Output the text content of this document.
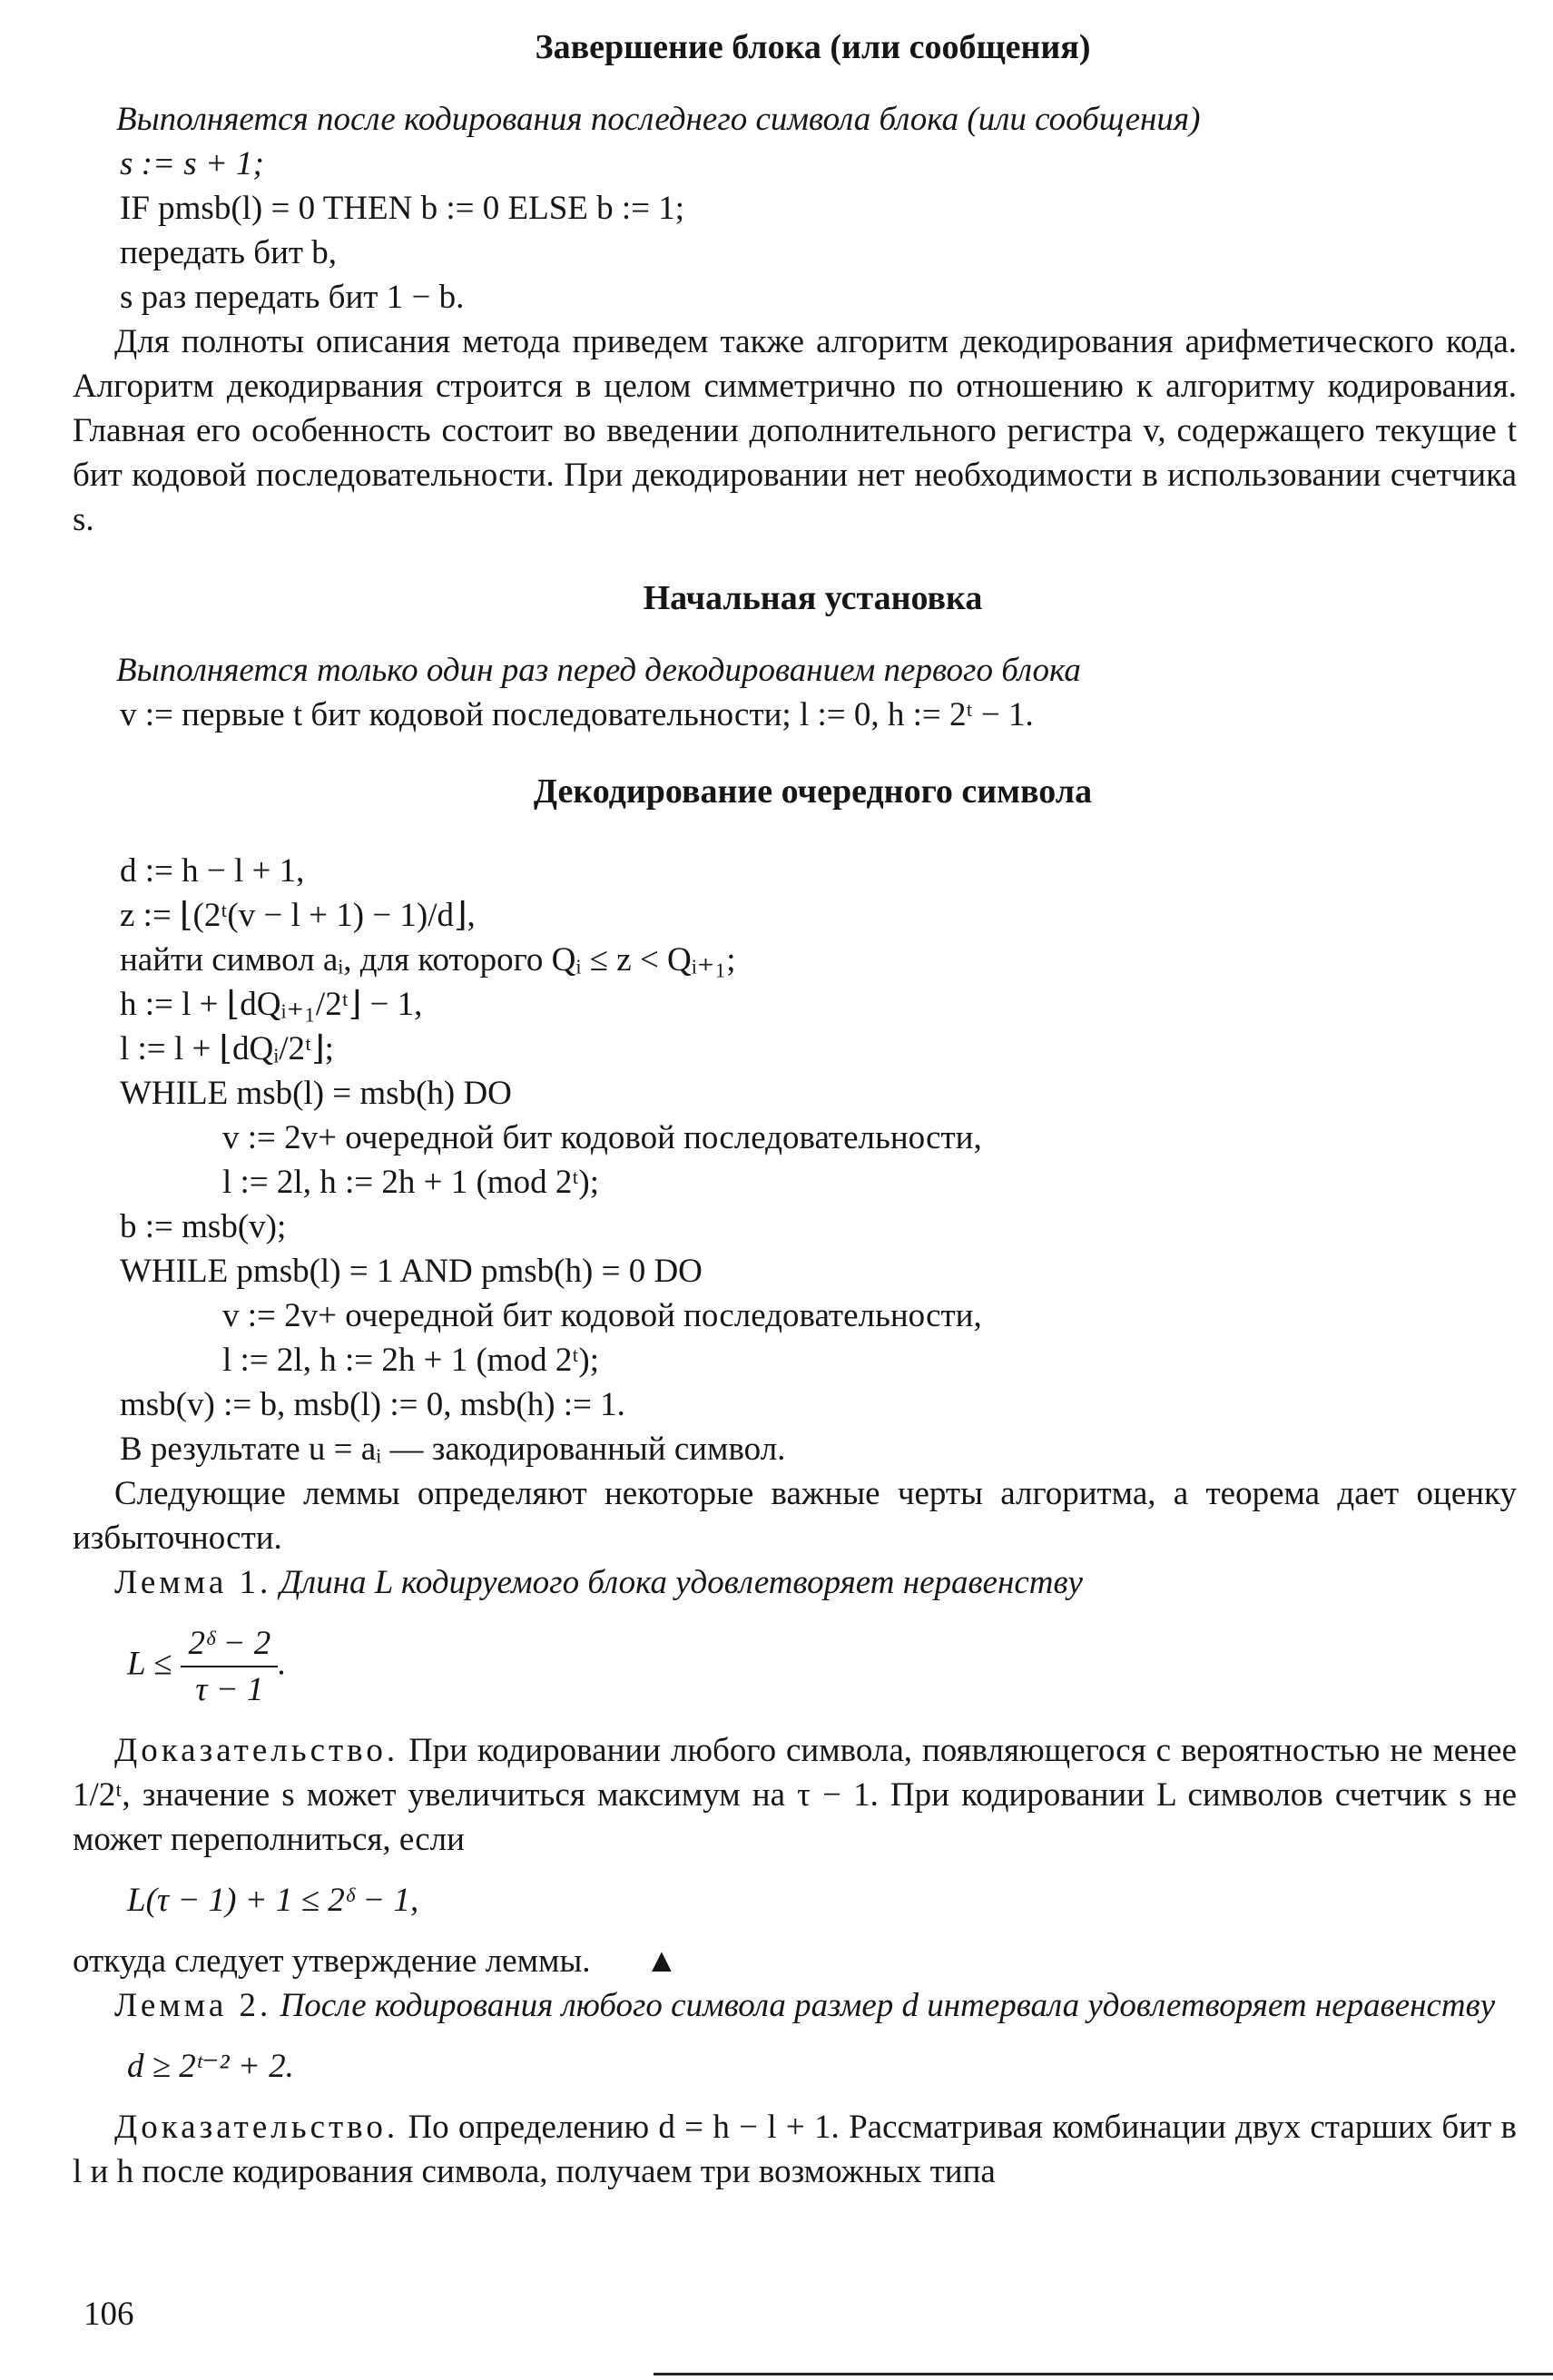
Завершение блока (или сообщения)

Выполняется после кодирования последнего символа блока (или сообщения)

s := s + 1;

IF pmsb(l) = 0 THEN b := 0 ELSE b := 1;

передать бит b,

s раз передать бит 1 − b.

Для полноты описания метода приведем также алгоритм декодирования арифметического кода. Алгоритм декодирвания строится в целом симметрично по отношению к алгоритму кодирования. Главная его особенность состоит во введении дополнительного регистра v, содержащего текущие t бит кодовой последовательности. При декодировании нет необходимости в использовании счетчика s.

Начальная установка

Выполняется только один раз перед декодированием первого блока

v := первые t бит кодовой последовательности; l := 0, h := 2ᵗ − 1.

Декодирование очередного символа

d := h − l + 1,

z := ⌊(2ᵗ(v − l + 1) − 1)/d⌋,

найти символ aᵢ, для которого Qᵢ ≤ z < Qᵢ₊₁;

h := l + ⌊dQᵢ₊₁/2ᵗ⌋ − 1,

l := l + ⌊dQᵢ/2ᵗ⌋;

WHILE msb(l) = msb(h) DO

v := 2v+ очередной бит кодовой последовательности,

l := 2l, h := 2h + 1 (mod 2ᵗ);

b := msb(v);

WHILE pmsb(l) = 1 AND pmsb(h) = 0 DO

v := 2v+ очередной бит кодовой последовательности,

l := 2l, h := 2h + 1 (mod 2ᵗ);

msb(v) := b, msb(l) := 0, msb(h) := 1.

В результате u = aᵢ — закодированный символ.

Следующие леммы определяют некоторые важные черты алгоритма, а теорема дает оценку избыточности.

Лемма 1. Длина L кодируемого блока удовлетворяет неравенству

$L \le \frac{\text{2ᵟ − 2}}{\tau - 1}$ .

Доказательство. При кодировании любого символа, появляющегося с вероятностью не менее 1/2ᵗ, значение s может увеличиться максимум на τ − 1. При кодировании L символов счетчик s не может переполниться, если

L(τ − 1) + 1 ≤ 2ᵟ − 1,

откуда следует утверждение леммы. ▲

Лемма 2. После кодирования любого символа размер d интервала удовлетворяет неравенству

d ≥ 2ᵗ⁻² + 2.

Доказательство. По определению d = h − l + 1. Рассматривая комбинации двух старших бит в l и h после кодирования символа, получаем три возможных типа

106
